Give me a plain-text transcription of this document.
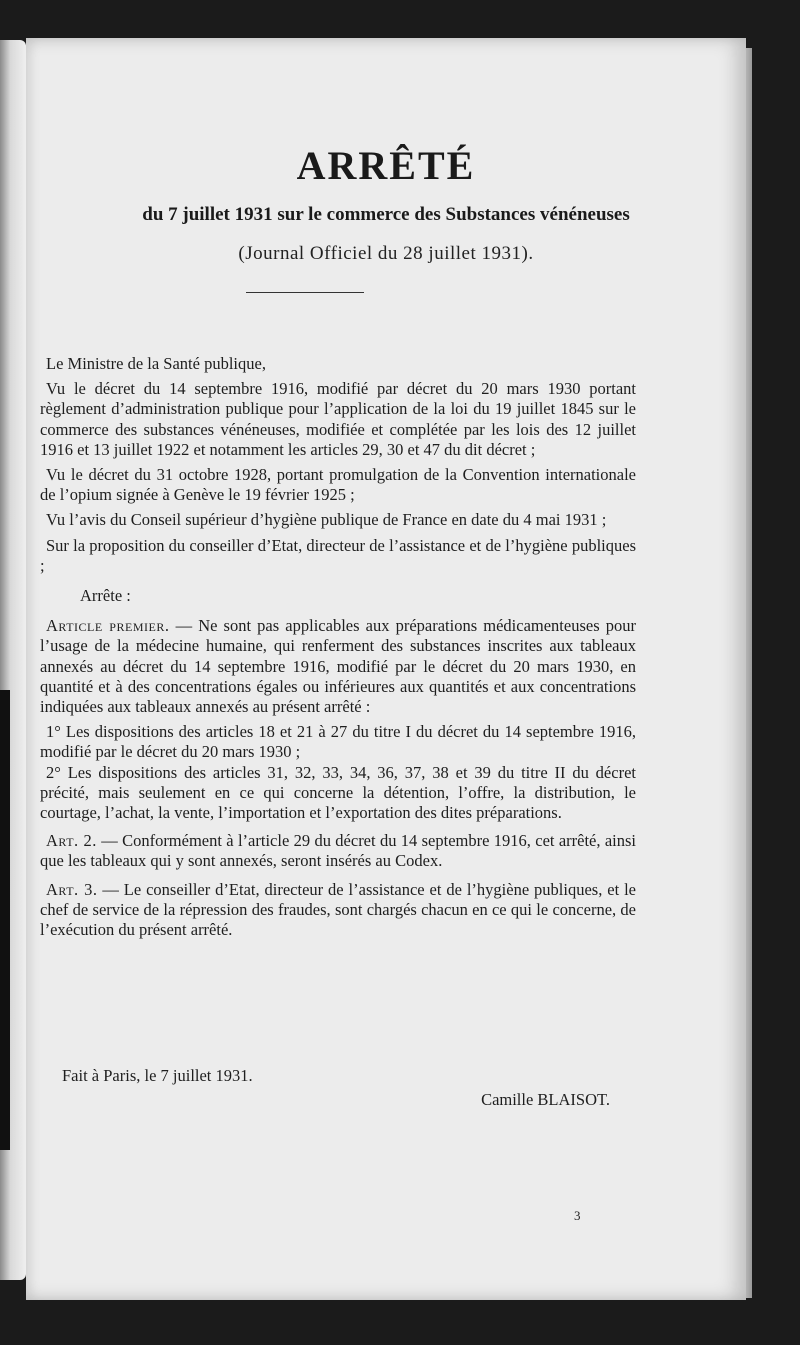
ARRÊTÉ
du 7 juillet 1931 sur le commerce des Substances vénéneuses

(Journal Officiel du 28 juillet 1931).

Le Ministre de la Santé publique,

Vu le décret du 14 septembre 1916, modifié par décret du 20 mars 1930 portant règlement d’administration publique pour l’application de la loi du 19 juillet 1845 sur le commerce des substances vénéneuses, modifiée et complétée par les lois des 12 juillet 1916 et 13 juillet 1922 et notamment les articles 29, 30 et 47 du dit décret ;

Vu le décret du 31 octobre 1928, portant promulgation de la Convention internationale de l’opium signée à Genève le 19 février 1925 ;

Vu l’avis du Conseil supérieur d’hygiène publique de France en date du 4 mai 1931 ;

Sur la proposition du conseiller d’Etat, directeur de l’assistance et de l’hygiène publiques ;

Arrête :

Article premier. — Ne sont pas applicables aux préparations médicamenteuses pour l’usage de la médecine humaine, qui renferment des substances inscrites aux tableaux annexés au décret du 14 septembre 1916, modifié par le décret du 20 mars 1930, en quantité et à des concentrations égales ou inférieures aux quantités et aux concentrations indiquées aux tableaux annexés au présent arrêté :

1° Les dispositions des articles 18 et 21 à 27 du titre I du décret du 14 septembre 1916, modifié par le décret du 20 mars 1930 ;

2° Les dispositions des articles 31, 32, 33, 34, 36, 37, 38 et 39 du titre II du décret précité, mais seulement en ce qui concerne la détention, l’offre, la distribution, le courtage, l’achat, la vente, l’importation et l’exportation des dites préparations.

Art. 2. — Conformément à l’article 29 du décret du 14 septembre 1916, cet arrêté, ainsi que les tableaux qui y sont annexés, seront insérés au Codex.

Art. 3. — Le conseiller d’Etat, directeur de l’assistance et de l’hygiène publiques, et le chef de service de la répression des fraudes, sont chargés chacun en ce qui le concerne, de l’exécution du présent arrêté.

Fait à Paris, le 7 juillet 1931.

Camille BLAISOT.

3
